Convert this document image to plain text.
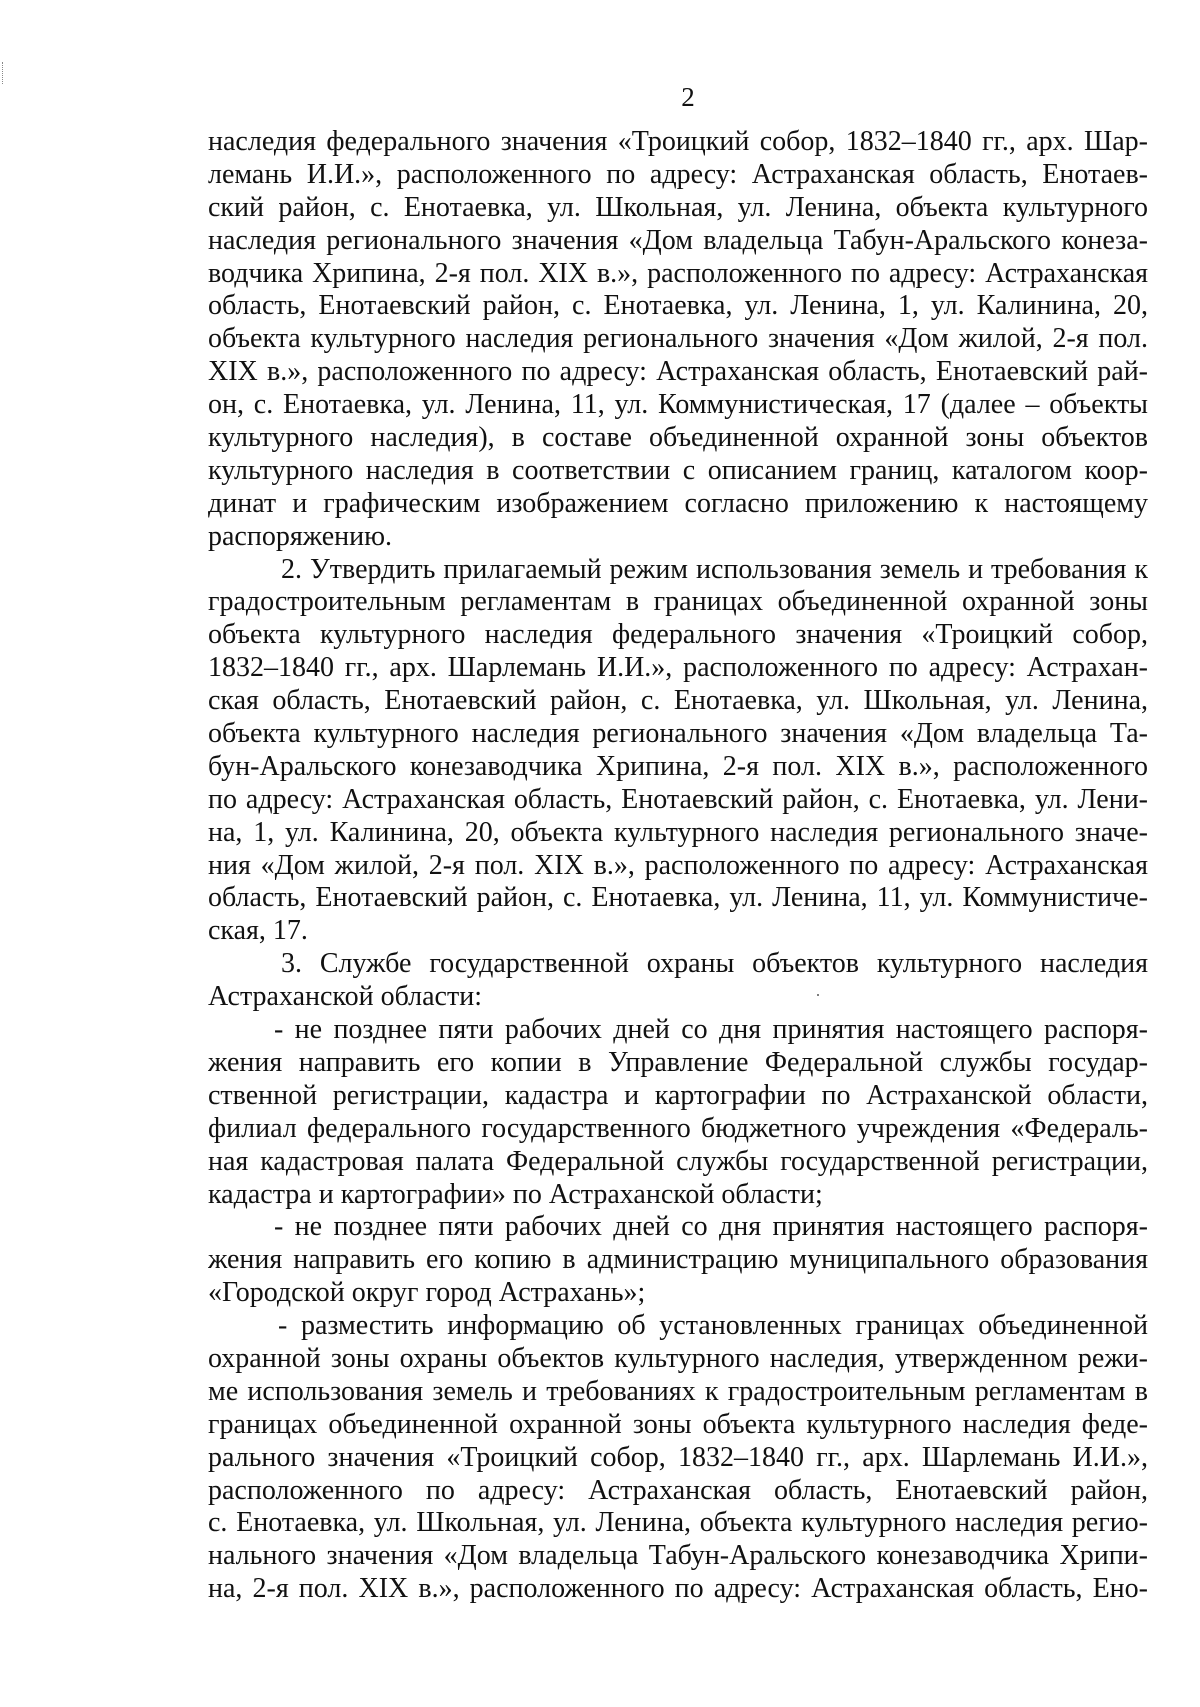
2
наследия федерального значения «Троицкий собор, 1832–1840 гг., арх. Шар-
лемань И.И.», расположенного по адресу: Астраханская область, Енотаев-
ский район, с. Енотаевка, ул. Школьная, ул. Ленина, объекта культурного
наследия регионального значения «Дом владельца Табун-Аральского конеза-
водчика Хрипина, 2-я пол. XIX в.», расположенного по адресу: Астраханская
область, Енотаевский район, с. Енотаевка, ул. Ленина, 1, ул. Калинина, 20,
объекта культурного наследия регионального значения «Дом жилой, 2-я пол.
XIX в.», расположенного по адресу: Астраханская область, Енотаевский рай-
он, с. Енотаевка, ул. Ленина, 11, ул. Коммунистическая, 17 (далее – объекты
культурного наследия), в составе объединенной охранной зоны объектов
культурного наследия в соответствии с описанием границ, каталогом коор-
динат и графическим изображением согласно приложению к настоящему
распоряжению.
2. Утвердить прилагаемый режим использования земель и требования к
градостроительным регламентам в границах объединенной охранной зоны
объекта культурного наследия федерального значения «Троицкий собор,
1832–1840 гг., арх. Шарлемань И.И.», расположенного по адресу: Астрахан-
ская область, Енотаевский район, с. Енотаевка, ул. Школьная, ул. Ленина,
объекта культурного наследия регионального значения «Дом владельца Та-
бун-Аральского конезаводчика Хрипина, 2-я пол. XIX в.», расположенного
по адресу: Астраханская область, Енотаевский район, с. Енотаевка, ул. Лени-
на, 1, ул. Калинина, 20, объекта культурного наследия регионального значе-
ния «Дом жилой, 2-я пол. XIX в.», расположенного по адресу: Астраханская
область, Енотаевский район, с. Енотаевка, ул. Ленина, 11, ул. Коммунистиче-
ская, 17.
3. Службе государственной охраны объектов культурного наследия
Астраханской области:
- не позднее пяти рабочих дней со дня принятия настоящего распоря-
жения направить его копии в Управление Федеральной службы государ-
ственной регистрации, кадастра и картографии по Астраханской области,
филиал федерального государственного бюджетного учреждения «Федераль-
ная кадастровая палата Федеральной службы государственной регистрации,
кадастра и картографии» по Астраханской области;
- не позднее пяти рабочих дней со дня принятия настоящего распоря-
жения направить его копию в администрацию муниципального образования
«Городской округ город Астрахань»;
- разместить информацию об установленных границах объединенной
охранной зоны охраны объектов культурного наследия, утвержденном режи-
ме использования земель и требованиях к градостроительным регламентам в
границах объединенной охранной зоны объекта культурного наследия феде-
рального значения «Троицкий собор, 1832–1840 гг., арх. Шарлемань И.И.»,
расположенного по адресу: Астраханская область, Енотаевский район,
с. Енотаевка, ул. Школьная, ул. Ленина, объекта культурного наследия регио-
нального значения «Дом владельца Табун-Аральского конезаводчика Хрипи-
на, 2-я пол. XIX в.», расположенного по адресу: Астраханская область, Ено-
